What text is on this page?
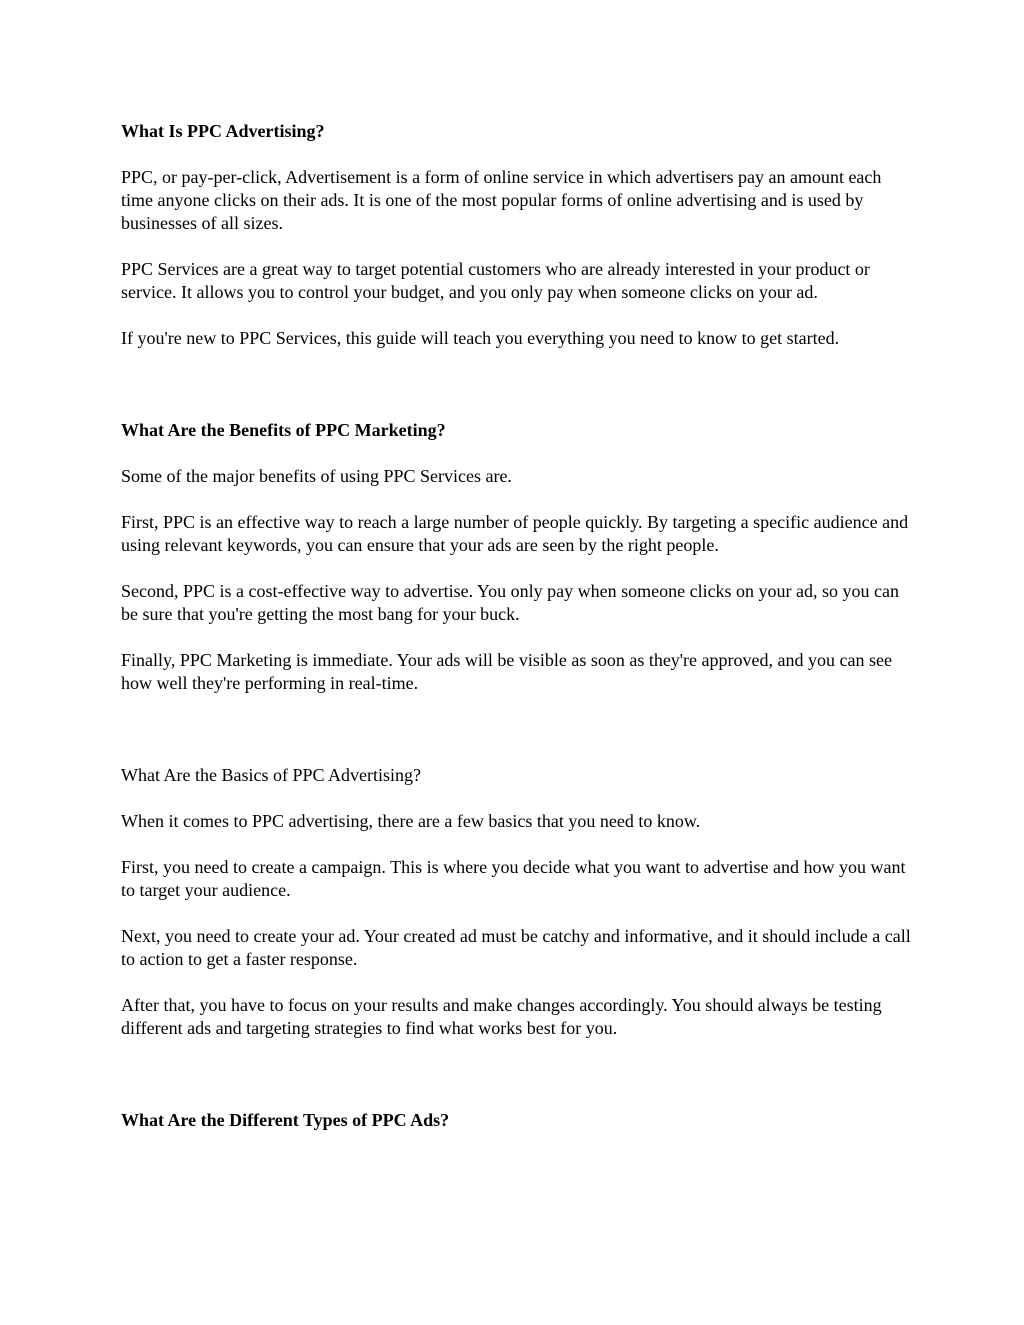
What Is PPC Advertising?

PPC, or pay-per-click, Advertisement is a form of online service in which advertisers pay an amount each time anyone clicks on their ads. It is one of the most popular forms of online advertising and is used by businesses of all sizes.

PPC Services are a great way to target potential customers who are already interested in your product or service. It allows you to control your budget, and you only pay when someone clicks on your ad.

If you're new to PPC Services, this guide will teach you everything you need to know to get started.

What Are the Benefits of PPC Marketing?

Some of the major benefits of using PPC Services are.

First, PPC is an effective way to reach a large number of people quickly. By targeting a specific audience and using relevant keywords, you can ensure that your ads are seen by the right people.

Second, PPC is a cost-effective way to advertise. You only pay when someone clicks on your ad, so you can be sure that you're getting the most bang for your buck.

Finally, PPC Marketing is immediate. Your ads will be visible as soon as they're approved, and you can see how well they're performing in real-time.

What Are the Basics of PPC Advertising?

When it comes to PPC advertising, there are a few basics that you need to know.

First, you need to create a campaign. This is where you decide what you want to advertise and how you want to target your audience.

Next, you need to create your ad. Your created ad must be catchy and informative, and it should include a call to action to get a faster response.

After that, you have to focus on your results and make changes accordingly. You should always be testing different ads and targeting strategies to find what works best for you.

What Are the Different Types of PPC Ads?
